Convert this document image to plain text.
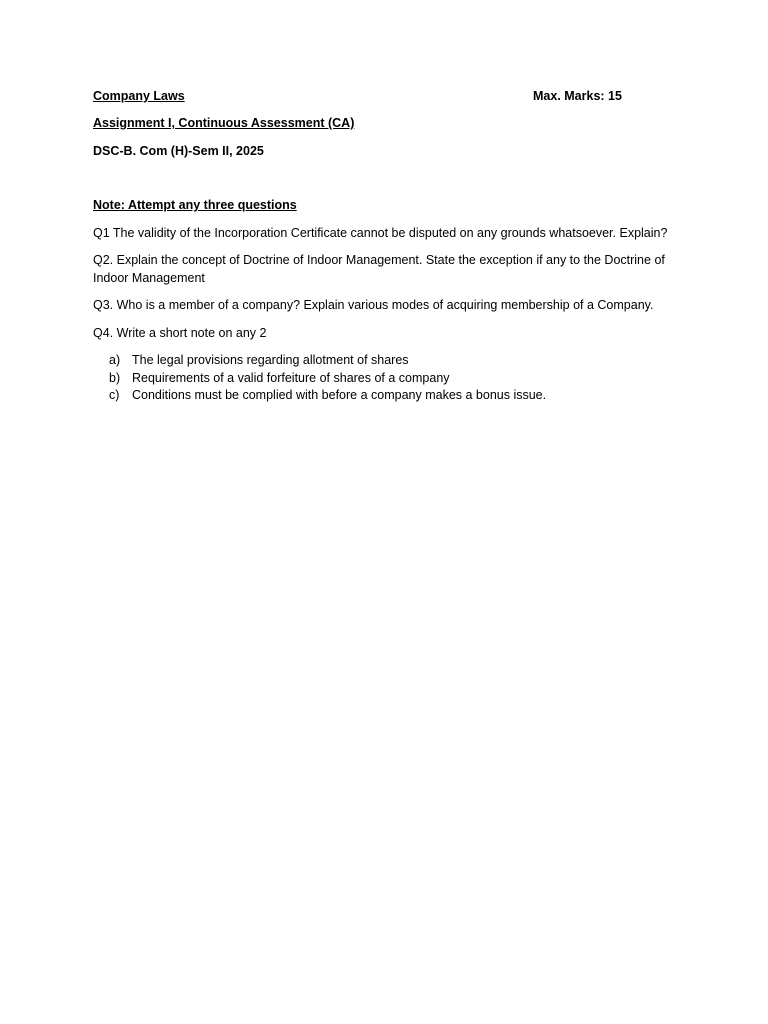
Company Laws	Max. Marks: 15

Assignment I, Continuous Assessment (CA)

DSC-B. Com (H)-Sem II, 2025

Note: Attempt any three questions

Q1 The validity of the Incorporation Certificate cannot be disputed on any grounds whatsoever. Explain?

Q2. Explain the concept of Doctrine of Indoor Management. State the exception if any to the Doctrine of Indoor Management

Q3. Who is a member of a company? Explain various modes of acquiring membership of a Company.

Q4. Write a short note on any 2

a) The legal provisions regarding allotment of shares
b) Requirements of a valid forfeiture of shares of a company
c) Conditions must be complied with before a company makes a bonus issue.
